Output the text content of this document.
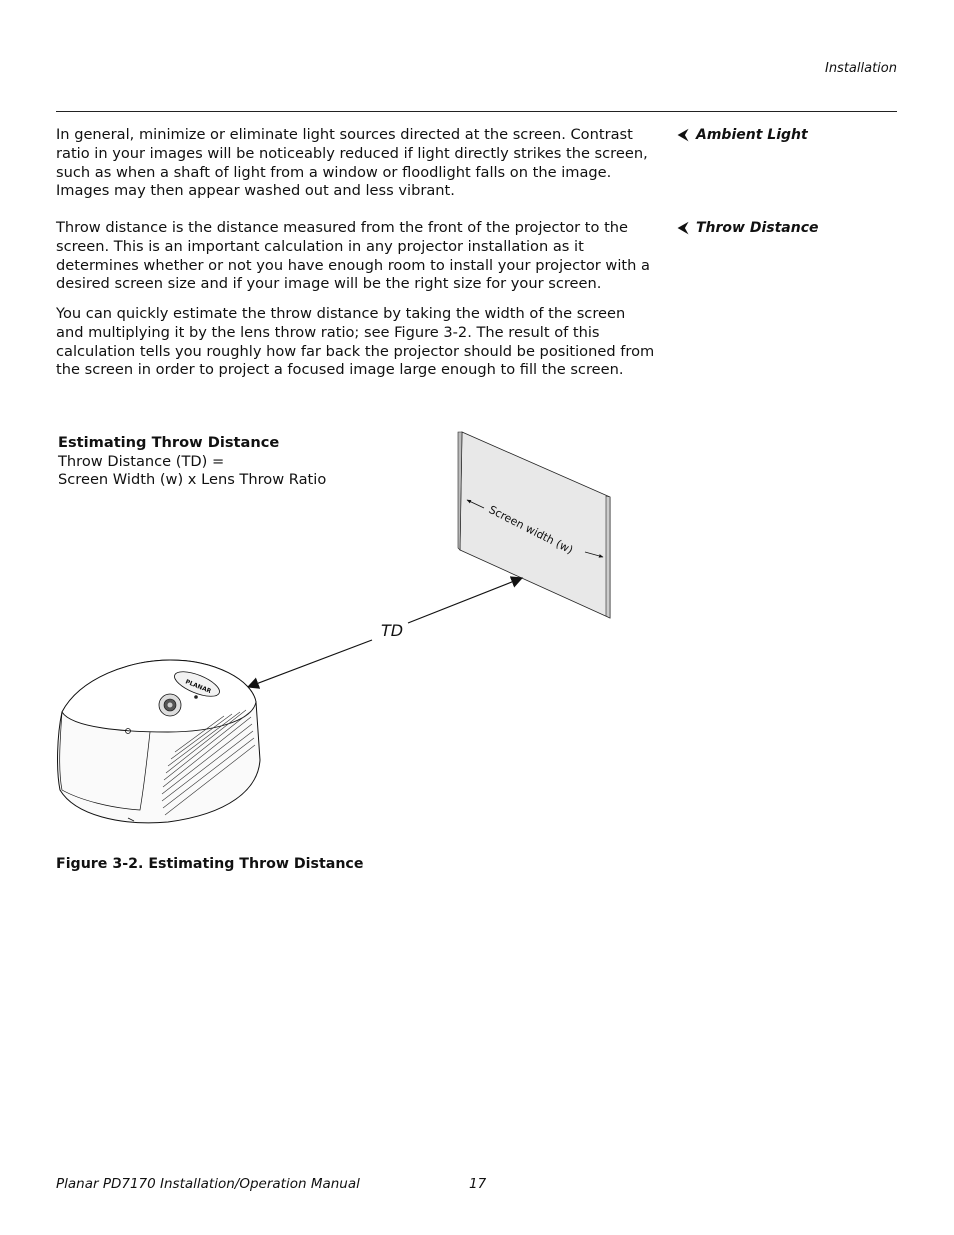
Installation

In general, minimize or eliminate light sources directed at the screen. Contrast ratio in your images will be noticeably reduced if light directly strikes the screen, such as when a shaft of light from a window or floodlight falls on the image. Images may then appear washed out and less vibrant.

⮜ Ambient Light

Throw distance is the distance measured from the front of the projector to the screen. This is an important calculation in any projector installation as it determines whether or not you have enough room to install your projector with a desired screen size and if your image will be the right size for your screen.

⮜ Throw Distance

You can quickly estimate the throw distance by taking the width of the screen and multiplying it by the lens throw ratio; see Figure 3-2. The result of this calculation tells you roughly how far back the projector should be positioned from the screen in order to project a focused image large enough to fill the screen.

Estimating Throw Distance
Throw Distance (TD) =
Screen Width (w) x Lens Throw Ratio
Screen width (w)
TD
PLANAR
Figure 3-2. Estimating Throw Distance
Planar PD7170 Installation/Operation Manual	17
